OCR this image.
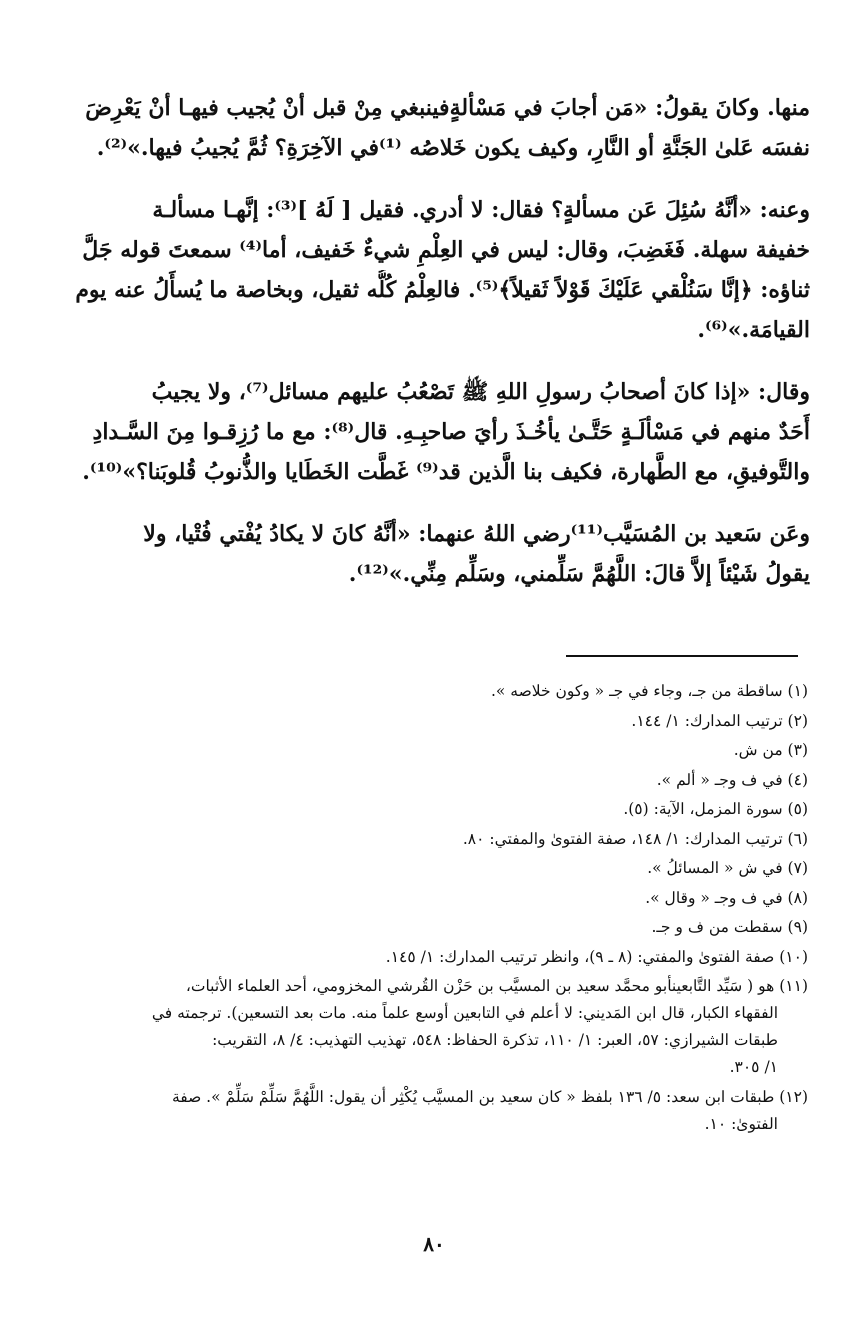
منها. وكانَ يقولُ: «مَن أجابَ في مَسْألةٍفينبغي مِنْ قبل أنْ يُجيب فيهـا أنْ يَعْرِضَ
نفسَه عَلىٰ الجَنَّةِ أو النَّارِ، وكيف يكون خَلاصُه ⁽¹⁾في الآخِرَةِ؟ ثُمَّ يُجيبُ فيها.»⁽²⁾.

وعنه: «أنَّهُ سُئِلَ عَن مسألةٍ؟ فقال: لا أدري. فقيل [ لَهُ ]⁽³⁾: إنَّهـا مسألـة
خفيفة سهلة. فَغَضِبَ، وقال: ليس في العِلْمِ شيءٌ خَفيف، أما⁽⁴⁾ سمعتَ قوله جَلَّ
ثناؤه: ﴿إنَّا سَنُلْقي عَلَيْكَ قَوْلاً ثَقيلاً﴾⁽⁵⁾. فالعِلْمُ كُلُّه ثقيل، وبخاصة ما يُسأَلُ عنه يوم
القيامَة.»⁽⁶⁾.

وقال: «إذا كانَ أصحابُ رسولِ اللهِ ﷺ تَصْعُبُ عليهم مسائل⁽⁷⁾، ولا يجيبُ
أَحَدٌ منهم في مَسْألَـةٍ حَتَّـىٰ يأخُـذَ رأيَ صاحبِـهِ. قال⁽⁸⁾: مع ما رُزِقـوا مِنَ السَّـدادِ
والتَّوفيقِ، مع الطَّهارة، فكيف بنا الَّذين قد⁽⁹⁾ غَطَّت الخَطَايا والذُّنوبُ قُلوبَنا؟»⁽¹⁰⁾.

وعَن سَعيد بن المُسَيَّب⁽¹¹⁾رضي اللهُ عنهما: «أنَّهُ كانَ لا يكادُ يُفْتي فُتْيا، ولا
يقولُ شَيْئاً إلاَّ قالَ: اللَّهُمَّ سَلِّمني، وسَلِّم مِنِّي.»⁽¹²⁾.

(١) ساقطة من جـ، وجاء في جـ « وكون خلاصه ».
(٢) ترتيب المدارك: ١/ ١٤٤.
(٣) من ش.
(٤) في ف وجـ « ألم ».
(٥) سورة المزمل، الآية: (٥).
(٦) ترتيب المدارك: ١/ ١٤٨، صفة الفتوىٰ والمفتي: ٨٠.
(٧) في ش « المسائلُ ».
(٨) في ف وجـ « وقال ».
(٩) سقطت من ف و جـ.
(١٠) صفة الفتوىٰ والمفتي: (٨ ـ ٩)، وانظر ترتيب المدارك: ١/ ١٤٥.
(١١) هو ( سَيِّد التَّابعينأبو محمَّد سعيد بن المسيَّب بن حَزْن القُرشي المخزومي، أحد العلماء الأثبات،
الفقهاء الكبار، قال ابن المَديني: لا أعلم في التابعين أوسع علماً منه. مات بعد التسعين). ترجمته في
طبقات الشيرازي: ٥٧، العبر: ١/ ١١٠، تذكرة الحفاظ: ٥٤٨، تهذيب التهذيب: ٤/ ٨، التقريب:
١/ ٣٠٥.
(١٢) طبقات ابن سعد: ٥/ ١٣٦ بلفظ « كان سعيد بن المسيَّب يُكْثِر أن يقول: اللَّهُمَّ سَلِّمْ سَلِّمْ ». صفة
الفتوىٰ: ١٠.
٨٠
